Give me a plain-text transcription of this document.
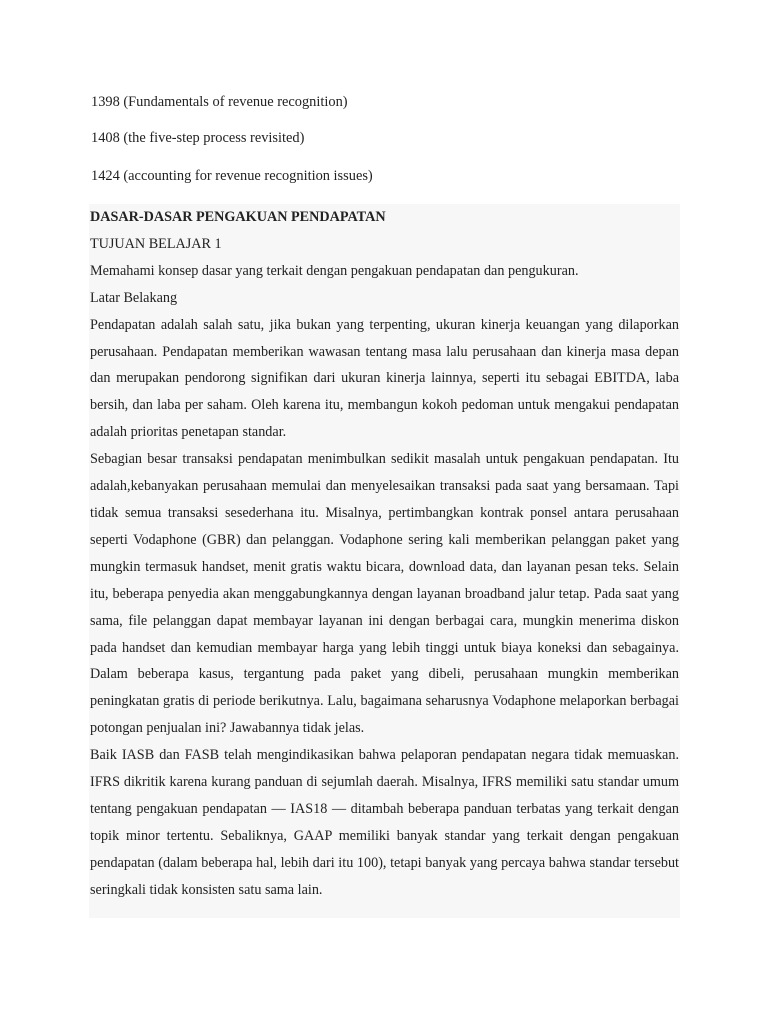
1398 (Fundamentals of revenue recognition)
1408 (the five-step process revisited)
1424 (accounting for revenue recognition issues)

DASAR-DASAR PENGAKUAN PENDAPATAN

TUJUAN BELAJAR 1

Memahami konsep dasar yang terkait dengan pengakuan pendapatan dan pengukuran.

Latar Belakang

Pendapatan adalah salah satu, jika bukan yang terpenting, ukuran kinerja keuangan yang dilaporkan perusahaan. Pendapatan memberikan wawasan tentang masa lalu perusahaan dan kinerja masa depan dan merupakan pendorong signifikan dari ukuran kinerja lainnya, seperti itu sebagai EBITDA, laba bersih, dan laba per saham. Oleh karena itu, membangun kokoh pedoman untuk mengakui pendapatan adalah prioritas penetapan standar.

Sebagian besar transaksi pendapatan menimbulkan sedikit masalah untuk pengakuan pendapatan. Itu adalah,kebanyakan perusahaan memulai dan menyelesaikan transaksi pada saat yang bersamaan. Tapi tidak semua transaksi sesederhana itu. Misalnya, pertimbangkan kontrak ponsel antara perusahaan seperti Vodaphone (GBR) dan pelanggan. Vodaphone sering kali memberikan pelanggan paket yang mungkin termasuk handset, menit gratis waktu bicara, download data, dan layanan pesan teks. Selain itu, beberapa penyedia akan menggabungkannya dengan layanan broadband jalur tetap. Pada saat yang sama, file pelanggan dapat membayar layanan ini dengan berbagai cara, mungkin menerima diskon pada handset dan kemudian membayar harga yang lebih tinggi untuk biaya koneksi dan sebagainya. Dalam beberapa kasus, tergantung pada paket yang dibeli, perusahaan mungkin memberikan peningkatan gratis di periode berikutnya. Lalu, bagaimana seharusnya Vodaphone melaporkan berbagai potongan penjualan ini? Jawabannya tidak jelas.

Baik IASB dan FASB telah mengindikasikan bahwa pelaporan pendapatan negara tidak memuaskan. IFRS dikritik karena kurang panduan di sejumlah daerah. Misalnya, IFRS memiliki satu standar umum tentang pengakuan pendapatan — IAS18 — ditambah beberapa panduan terbatas yang terkait dengan topik minor tertentu. Sebaliknya, GAAP memiliki banyak standar yang terkait dengan pengakuan pendapatan (dalam beberapa hal, lebih dari itu 100), tetapi banyak yang percaya bahwa standar tersebut seringkali tidak konsisten satu sama lain.
